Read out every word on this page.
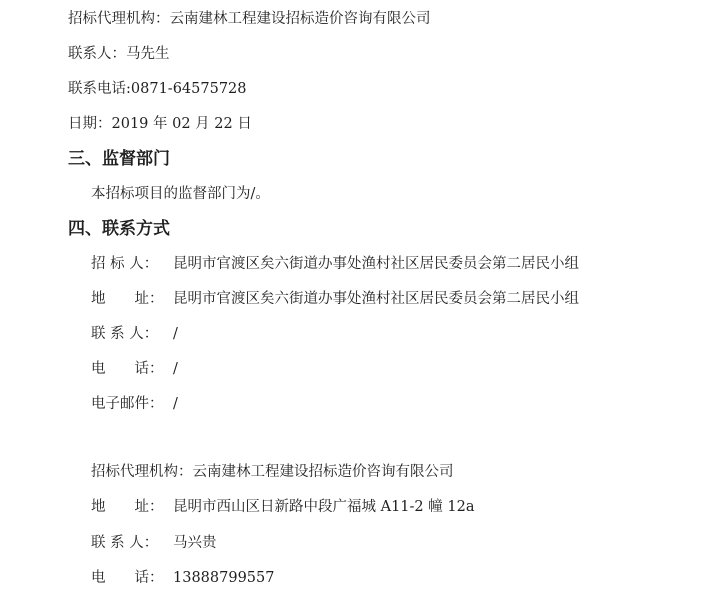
招标代理机构：云南建林工程建设招标造价咨询有限公司
联系人：马先生
联系电话:0871-64575728
日期：2019 年 02 月 22 日
三、监督部门
本招标项目的监督部门为/。
四、联系方式
招 标 人： 昆明市官渡区矣六街道办事处渔村社区居民委员会第二居民小组
地　　址： 昆明市官渡区矣六街道办事处渔村社区居民委员会第二居民小组
联 系 人： /
电　　话： /
电子邮件： /
招标代理机构：云南建林工程建设招标造价咨询有限公司
地　　址： 昆明市西山区日新路中段广福城 A11-2 幢 12a
联 系 人： 马兴贵
电　　话： 13888799557
